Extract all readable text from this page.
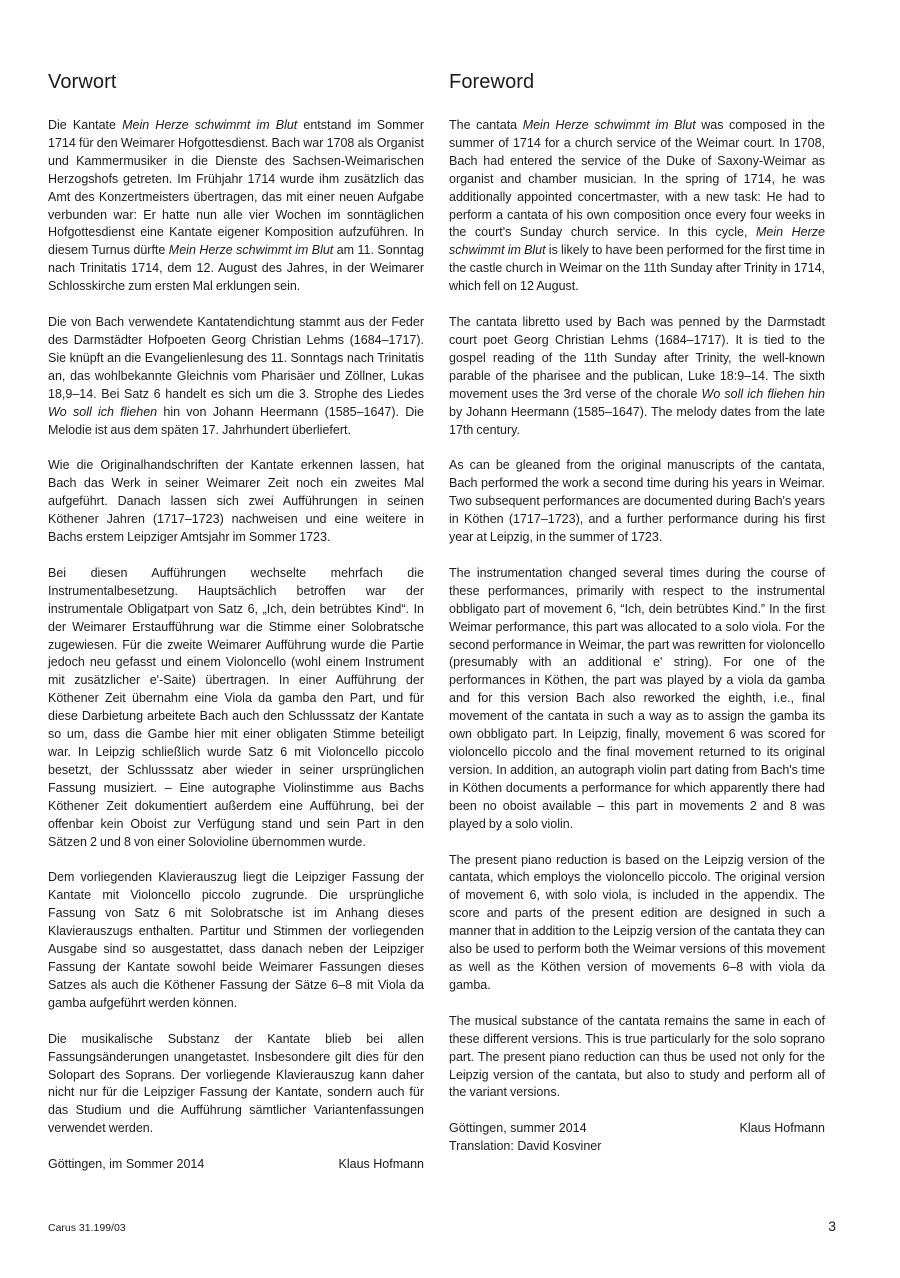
Vorwort

Die Kantate Mein Herze schwimmt im Blut entstand im Sommer 1714 für den Weimarer Hofgottesdienst. Bach war 1708 als Organist und Kammermusiker in die Dienste des Sachsen-Weimarischen Herzogshofs getreten. Im Frühjahr 1714 wurde ihm zusätzlich das Amt des Konzertmeisters übertragen, das mit einer neuen Aufgabe verbunden war: Er hatte nun alle vier Wochen im sonntäglichen Hofgottesdienst eine Kantate eigener Komposition aufzuführen. In diesem Turnus dürfte Mein Herze schwimmt im Blut am 11. Sonntag nach Trinitatis 1714, dem 12. August des Jahres, in der Weimarer Schlosskirche zum ersten Mal erklungen sein.

Die von Bach verwendete Kantatendichtung stammt aus der Feder des Darmstädter Hofpoeten Georg Christian Lehms (1684–1717). Sie knüpft an die Evangelienlesung des 11. Sonntags nach Trinitatis an, das wohlbekannte Gleichnis vom Pharisäer und Zöllner, Lukas 18,9–14. Bei Satz 6 handelt es sich um die 3. Strophe des Liedes Wo soll ich fliehen hin von Johann Heermann (1585–1647). Die Melodie ist aus dem späten 17. Jahrhundert überliefert.

Wie die Originalhandschriften der Kantate erkennen lassen, hat Bach das Werk in seiner Weimarer Zeit noch ein zweites Mal aufgeführt. Danach lassen sich zwei Aufführungen in seinen Köthener Jahren (1717–1723) nachweisen und eine weitere in Bachs erstem Leipziger Amtsjahr im Sommer 1723.

Bei diesen Aufführungen wechselte mehrfach die Instrumentalbesetzung. Hauptsächlich betroffen war der instrumentale Obligatpart von Satz 6, „Ich, dein betrübtes Kind“. In der Weimarer Erstaufführung war die Stimme einer Solobratsche zugewiesen. Für die zweite Weimarer Aufführung wurde die Partie jedoch neu gefasst und einem Violoncello (wohl einem Instrument mit zusätzlicher e'-Saite) übertragen. In einer Aufführung der Köthener Zeit übernahm eine Viola da gamba den Part, und für diese Darbietung arbeitete Bach auch den Schlusssatz der Kantate so um, dass die Gambe hier mit einer obligaten Stimme beteiligt war. In Leipzig schließlich wurde Satz 6 mit Violoncello piccolo besetzt, der Schlusssatz aber wieder in seiner ursprünglichen Fassung musiziert. – Eine autographe Violinstimme aus Bachs Köthener Zeit dokumentiert außerdem eine Aufführung, bei der offenbar kein Oboist zur Verfügung stand und sein Part in den Sätzen 2 und 8 von einer Solovioline übernommen wurde.

Dem vorliegenden Klavierauszug liegt die Leipziger Fassung der Kantate mit Violoncello piccolo zugrunde. Die ursprüngliche Fassung von Satz 6 mit Solobratsche ist im Anhang dieses Klavierauszugs enthalten. Partitur und Stimmen der vorliegenden Ausgabe sind so ausgestattet, dass danach neben der Leipziger Fassung der Kantate sowohl beide Weimarer Fassungen dieses Satzes als auch die Köthener Fassung der Sätze 6–8 mit Viola da gamba aufgeführt werden können.

Die musikalische Substanz der Kantate blieb bei allen Fassungsänderungen unangetastet. Insbesondere gilt dies für den Solopart des Soprans. Der vorliegende Klavierauszug kann daher nicht nur für die Leipziger Fassung der Kantate, sondern auch für das Studium und die Aufführung sämtlicher Variantenfassungen verwendet werden.

Göttingen, im Sommer 2014	Klaus Hofmann
Foreword

The cantata Mein Herze schwimmt im Blut was composed in the summer of 1714 for a church service of the Weimar court. In 1708, Bach had entered the service of the Duke of Saxony-Weimar as organist and chamber musician. In the spring of 1714, he was additionally appointed concertmaster, with a new task: He had to perform a cantata of his own composition once every four weeks in the court's Sunday church service. In this cycle, Mein Herze schwimmt im Blut is likely to have been performed for the first time in the castle church in Weimar on the 11th Sunday after Trinity in 1714, which fell on 12 August.

The cantata libretto used by Bach was penned by the Darmstadt court poet Georg Christian Lehms (1684–1717). It is tied to the gospel reading of the 11th Sunday after Trinity, the well-known parable of the pharisee and the publican, Luke 18:9–14. The sixth movement uses the 3rd verse of the chorale Wo soll ich fliehen hin by Johann Heermann (1585–1647). The melody dates from the late 17th century.

As can be gleaned from the original manuscripts of the cantata, Bach performed the work a second time during his years in Weimar. Two subsequent performances are documented during Bach's years in Köthen (1717–1723), and a further performance during his first year at Leipzig, in the summer of 1723.

The instrumentation changed several times during the course of these performances, primarily with respect to the instrumental obbligato part of movement 6, “Ich, dein betrübtes Kind.” In the first Weimar performance, this part was allocated to a solo viola. For the second performance in Weimar, the part was rewritten for violoncello (presumably with an additional e' string). For one of the performances in Köthen, the part was played by a viola da gamba and for this version Bach also reworked the eighth, i.e., final movement of the cantata in such a way as to assign the gamba its own obbligato part. In Leipzig, finally, movement 6 was scored for violoncello piccolo and the final movement returned to its original version. In addition, an autograph violin part dating from Bach's time in Köthen documents a performance for which apparently there had been no oboist available – this part in movements 2 and 8 was played by a solo violin.

The present piano reduction is based on the Leipzig version of the cantata, which employs the violoncello piccolo. The original version of movement 6, with solo viola, is included in the appendix. The score and parts of the present edition are designed in such a manner that in addition to the Leipzig version of the cantata they can also be used to perform both the Weimar versions of this movement as well as the Köthen version of movements 6–8 with viola da gamba.

The musical substance of the cantata remains the same in each of these different versions. This is true particularly for the solo soprano part. The present piano reduction can thus be used not only for the Leipzig version of the cantata, but also to study and perform all of the variant versions.

Göttingen, summer 2014	Klaus Hofmann
Translation: David Kosviner
Carus 31.199/03	3
